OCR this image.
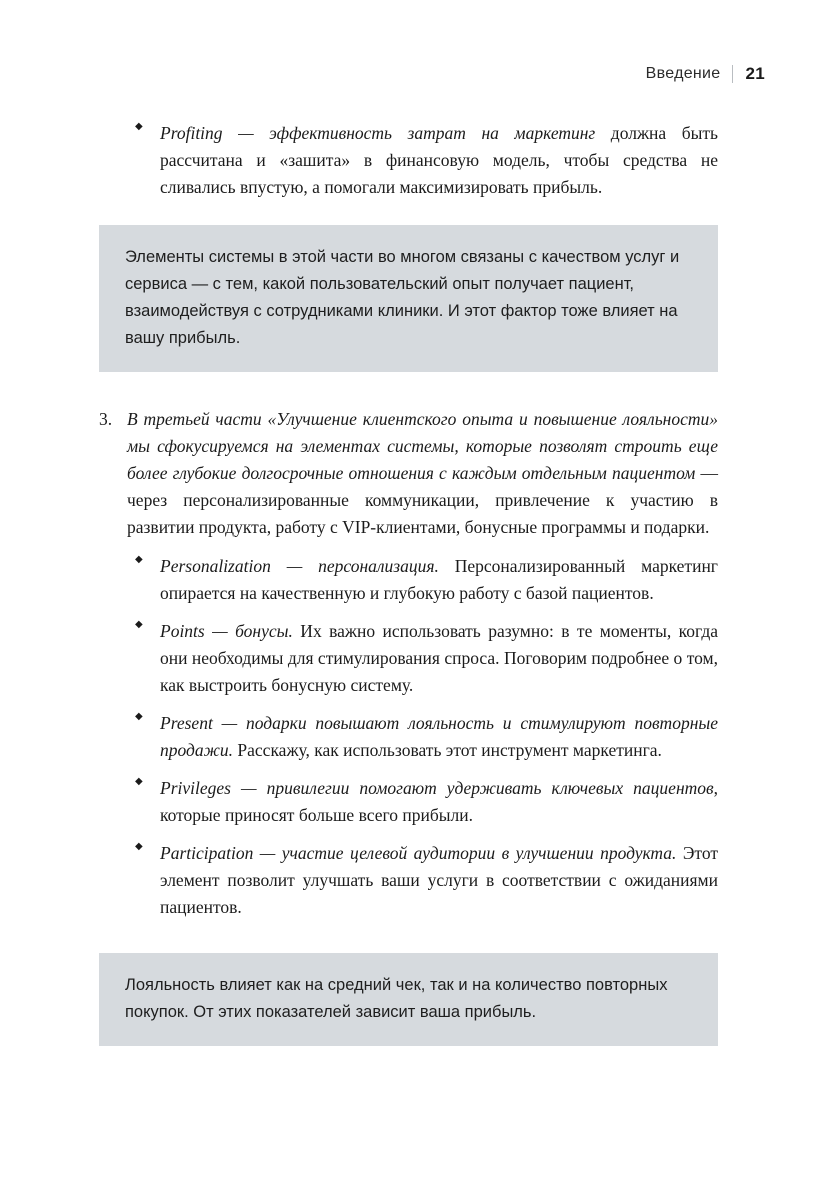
Введение 21
◆ Profiting — эффективность затрат на маркетинг должна быть рассчитана и «зашита» в финансовую модель, чтобы средства не сливались впустую, а помогали максимизировать прибыль.

Элементы системы в этой части во многом связаны с качеством услуг и сервиса — с тем, какой пользовательский опыт получает пациент, взаимодействуя с сотрудниками клиники. И этот фактор тоже влияет на вашу прибыль.

3. В третьей части «Улучшение клиентского опыта и повышение лояльности» мы сфокусируемся на элементах системы, которые позволят строить еще более глубокие долгосрочные отношения с каждым отдельным пациентом — через персонализированные коммуникации, привлечение к участию в развитии продукта, работу с VIP-клиентами, бонусные программы и подарки.

◆ Personalization — персонализация. Персонализированный маркетинг опирается на качественную и глубокую работу с базой пациентов.

◆ Points — бонусы. Их важно использовать разумно: в те моменты, когда они необходимы для стимулирования спроса. Поговорим подробнее о том, как выстроить бонусную систему.

◆ Present — подарки повышают лояльность и стимулируют повторные продажи. Расскажу, как использовать этот инструмент маркетинга.

◆ Privileges — привилегии помогают удерживать ключевых пациентов, которые приносят больше всего прибыли.

◆ Participation — участие целевой аудитории в улучшении продукта. Этот элемент позволит улучшать ваши услуги в соответствии с ожиданиями пациентов.

Лояльность влияет как на средний чек, так и на количество повторных покупок. От этих показателей зависит ваша прибыль.
